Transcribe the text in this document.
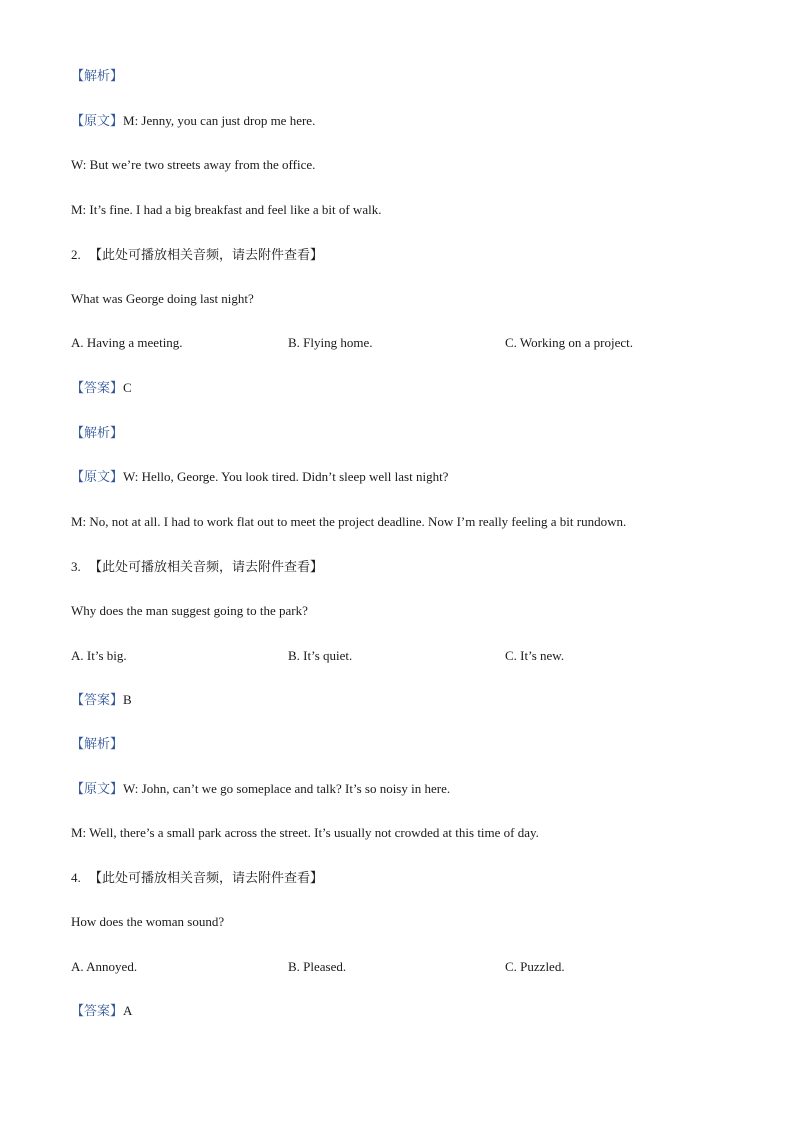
【解析】
【原文】M: Jenny, you can just drop me here.
W: But we’re two streets away from the office.
M: It’s fine. I had a big breakfast and feel like a bit of walk.
2. 【此处可播放相关音频，请去附件查看】
What was George doing last night?
A. Having a meeting.	B. Flying home.	C. Working on a project.
【答案】C
【解析】
【原文】W: Hello, George. You look tired. Didn’t sleep well last night?
M: No, not at all. I had to work flat out to meet the project deadline. Now I’m really feeling a bit rundown.
3. 【此处可播放相关音频，请去附件查看】
Why does the man suggest going to the park?
A. It’s big.	B. It’s quiet.	C. It’s new.
【答案】B
【解析】
【原文】W: John, can’t we go someplace and talk? It’s so noisy in here.
M: Well, there’s a small park across the street. It’s usually not crowded at this time of day.
4. 【此处可播放相关音频，请去附件查看】
How does the woman sound?
A. Annoyed.	B. Pleased.	C. Puzzled.
【答案】A
